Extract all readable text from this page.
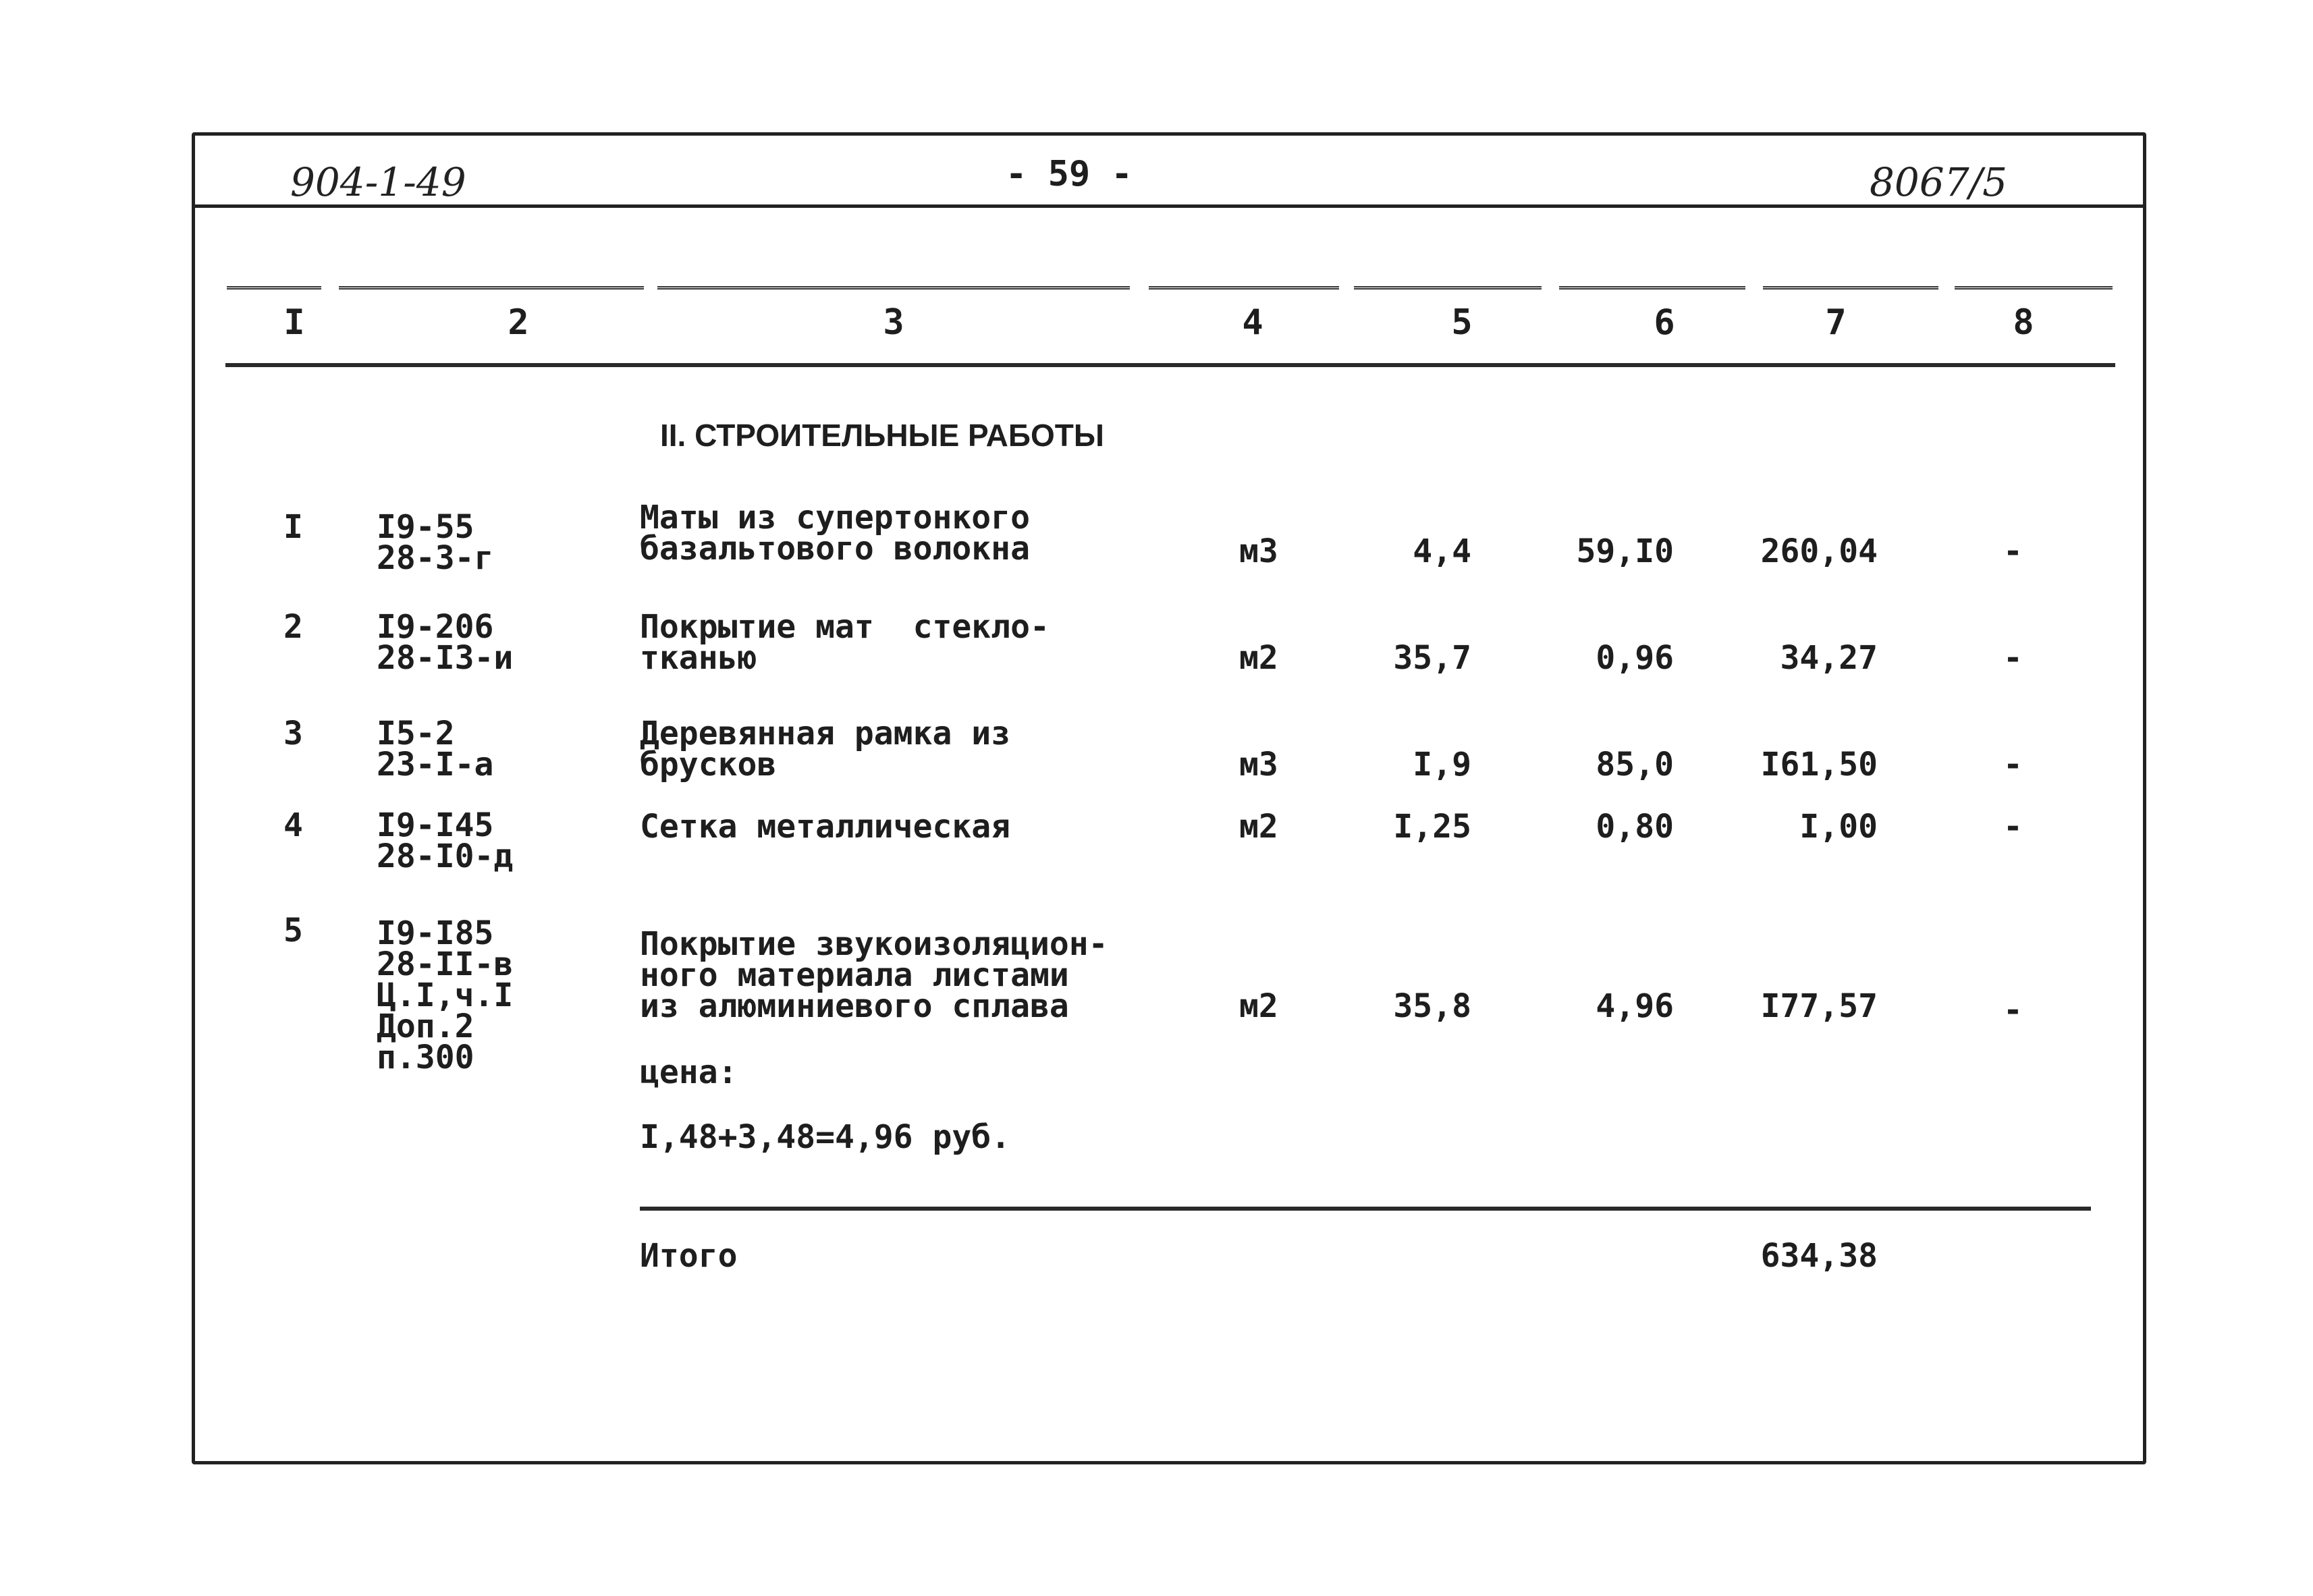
904-1-49	- 59 -	8067/5
I	2	3	4	5	6	7	8
II. СТРОИТЕЛЬНЫЕ РАБОТЫ
I I9-55
28-3-г
Маты из супертонкого
базальтового волокна	м3	4,4	59,I0	260,04	-
2 I9-206
28-I3-и
Покрытие мат  стекло-
тканью	м2	35,7	0,96	34,27	-
3 I5-2
23-I-а
Деревянная рамка из
брусков	м3	I,9	85,0	I61,50	-
4 I9-I45
28-I0-д
Сетка металлическая	м2	I,25	0,80	I,00	-
5 I9-I85
28-II-в
Ц.I,ч.I
Доп.2
п.300
Покрытие звукоизоляцион-
ного материала листами
из алюминиевого сплава	м2	35,8	4,96	I77,57	-
цена:
I,48+3,48=4,96 руб.
Итого	634,38
